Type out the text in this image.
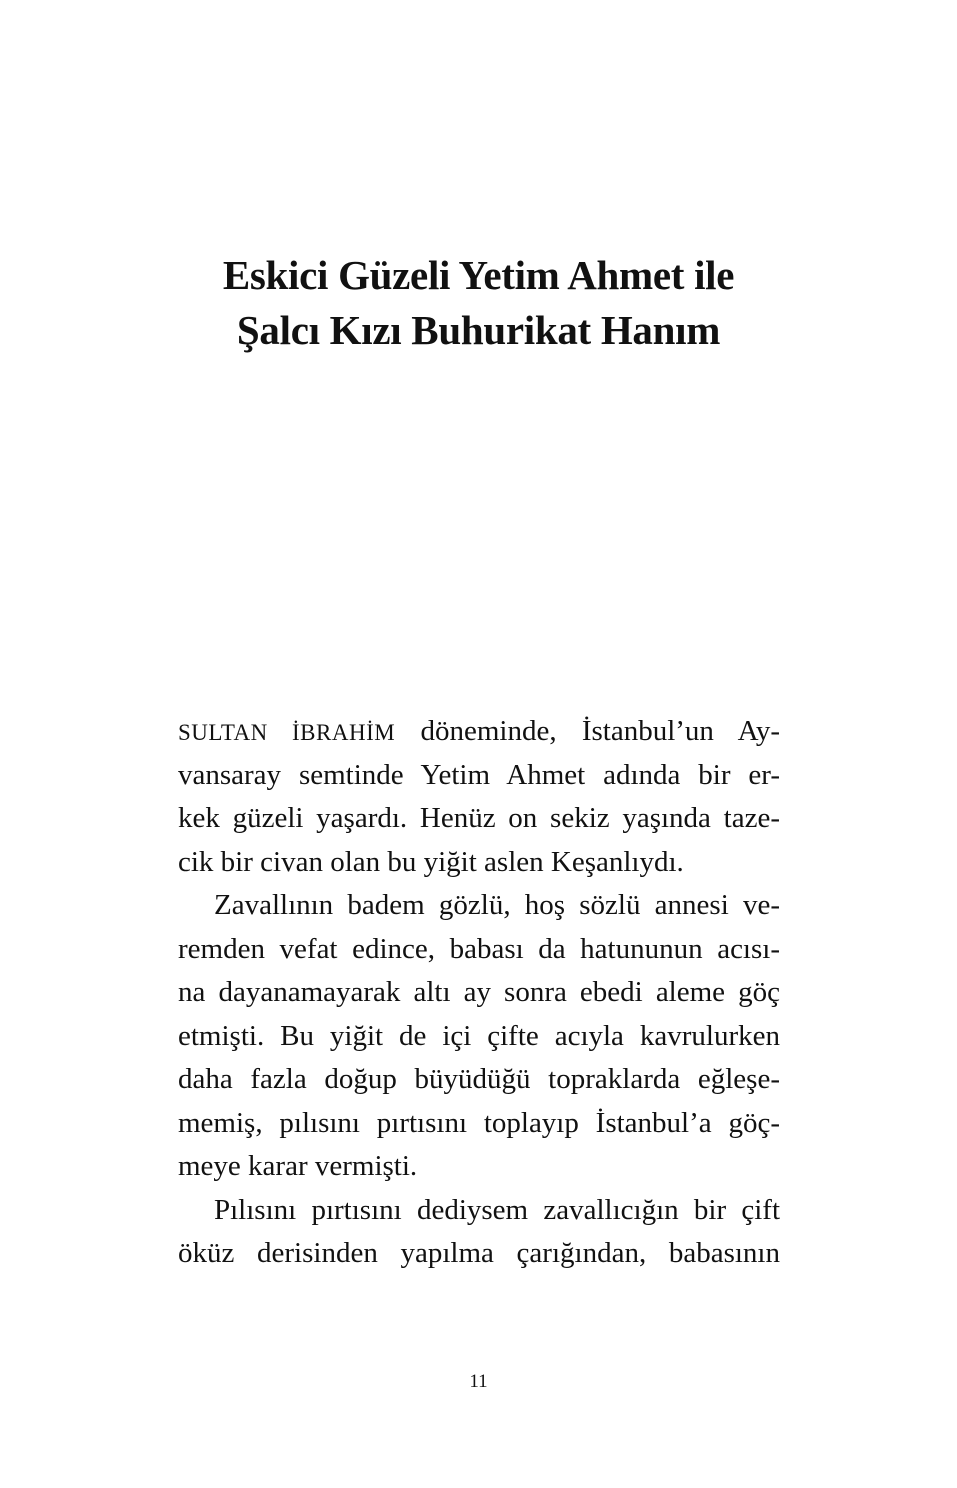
Eskici Güzeli Yetim Ahmet ile
Şalcı Kızı Buhurikat Hanım
SULTAN İBRAHİM döneminde, İstanbul’un Ay-
vansaray semtinde Yetim Ahmet adında bir er-
kek güzeli yaşardı. Henüz on sekiz yaşında taze-
cik bir civan olan bu yiğit aslen Keşanlıydı.
Zavallının badem gözlü, hoş sözlü annesi ve-
remden vefat edince, babası da hatununun acısı-
na dayanamayarak altı ay sonra ebedi aleme göç
etmişti. Bu yiğit de içi çifte acıyla kavrulurken
daha fazla doğup büyüdüğü topraklarda eğleşe-
memiş, pılısını pırtısını toplayıp İstanbul’a göç-
meye karar vermişti.
Pılısını pırtısını dediysem zavallıcığın bir çift
öküz derisinden yapılma çarığından, babasının
11
